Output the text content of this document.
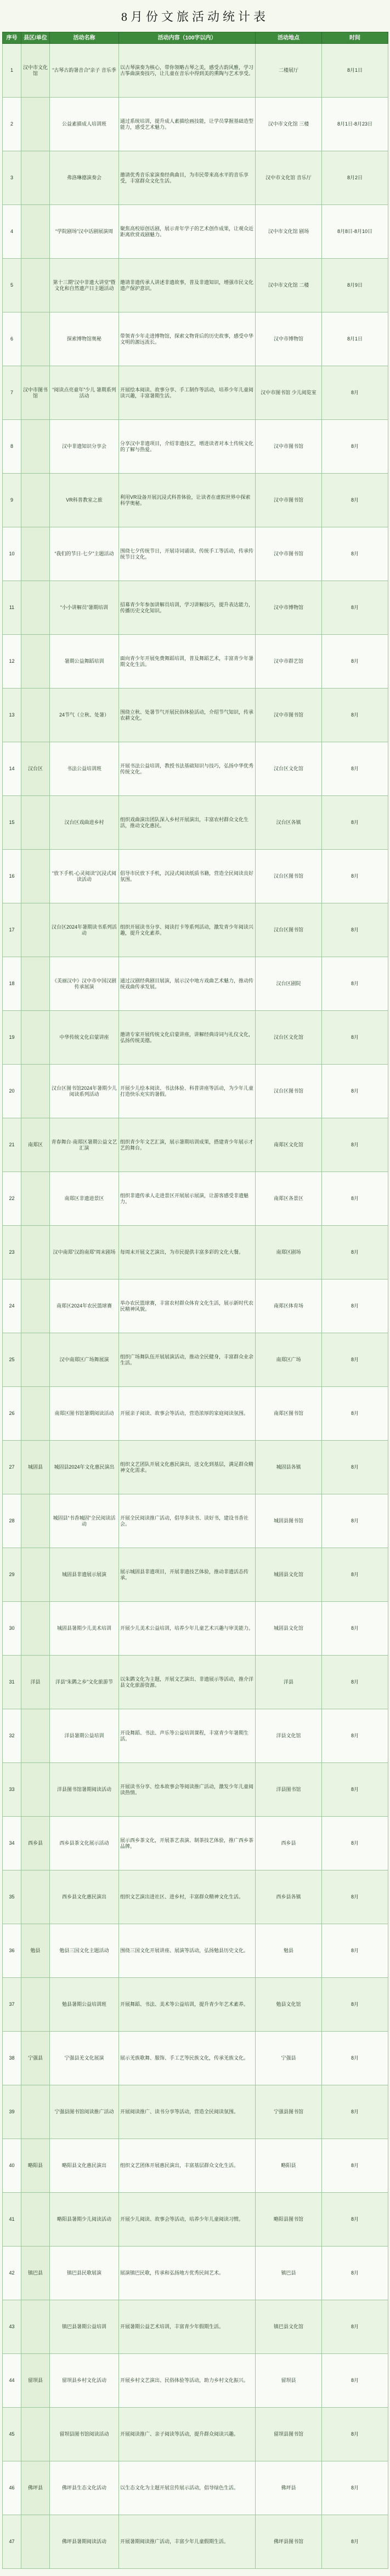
8月份文旅活动统计表
序号	县区/单位	活动名称	活动内容（100字以内）	活动地点	时间
1	汉中市文化馆	“古琴古韵暑音合”亲子 音乐季	以古琴演奏为核心，带你领略古琴之美，感受古韵风雅，学习古筝曲演奏技巧，让儿童在音乐中得到美的熏陶与艺术享受。	二楼展厅	8月1日
2		公益素描成人培训班	通过系统培训，提升成人素描绘画技能，让学员掌握基础造型能力，感受艺术魅力。	汉中市文化馆 三楼	8月1日-8月23日
3		弗洛琳德演奏会	邀请优秀音乐家演奏经典曲目，为市民带来高水平的音乐享受，丰富群众文化生活。	汉中市文化馆 音乐厅	8月2日
4		“学院剧场”汉中话剧展演周	聚焦高校原创话剧，展示青年学子的艺术创作成果，让观众近距离欣赏戏剧魅力。	汉中市文化馆 剧场	8月8日-8月10日
5		第十三期“汉中非遗大讲堂”暨文化和自然遗产日主题活动	邀请非遗传承人讲述非遗故事，普及非遗知识，增强市民文化遗产保护意识。	汉中市文化馆 二楼	8月9日
6		探索博物馆奥秘	带领青少年走进博物馆，探索文物背后的历史故事，感受中华文明的源远流长。	汉中市博物馆	8月1日
7	汉中市图书馆	“阅读点亮童年”少儿 暑期系列活动	开展绘本阅读、故事分享、手工制作等活动，培养少年儿童阅读兴趣，丰富暑期生活。	汉中市图书馆 少儿阅览室	8月
8		汉中非遗知识分享会	分享汉中非遗项目，介绍非遗技艺，增进读者对本土传统文化的了解与热爱。	汉中市图书馆	8月
9		VR科普教室之旅	利用VR设备开展沉浸式科普体验，让读者在虚拟世界中探索科学奥秘。	汉中市图书馆	8月
10		“我们的节日·七夕”主题活动	围绕七夕传统节日，开展诗词诵读、传统手工等活动，传承传统节日文化。	汉中市图书馆	8月
11		“小小讲解员”暑期培训	招募青少年参加讲解员培训，学习讲解技巧，提升表达能力，传播历史文化知识。	汉中市博物馆	8月
12		暑期公益舞蹈培训	面向青少年开展免费舞蹈培训，普及舞蹈艺术，丰富青少年暑期文化生活。	汉中市群艺馆	8月
13		24节气（立秋、处暑）	围绕立秋、处暑节气开展民俗体验活动，介绍节气知识，传承农耕文化。	汉中市图书馆	8月
14	汉台区	书法公益培训班	开展书法公益培训，教授书法基础知识与技巧，弘扬中华优秀传统文化。	汉台区文化馆	8月
15		汉台区戏曲进乡村	组织戏曲演出团队深入乡村开展演出，丰富农村群众文化生活，推动文化惠民。	汉台区各镇	8月
16		“放下手机·心灵阅读”沉浸式阅读活动	倡导市民放下手机，沉浸式阅读纸质书籍，营造全民阅读良好氛围。	汉台区图书馆	8月
17		汉台区2024年暑期读书系列活动	组织开展读书分享、阅读打卡等系列活动，激发青少年阅读兴趣，提升文化素养。	汉台区图书馆	8月
18		《美丽汉中》汉中市中国汉剧传承展演	通过汉剧经典剧目展演，展示汉中地方戏曲艺术魅力，推动传统戏曲传承发展。	汉台区剧院	8月
19		中华传统文化启蒙讲座	邀请专家开展传统文化启蒙讲座，讲解经典诗词与礼仪文化，弘扬传统美德。	汉台区文化馆	8月
20		汉台区图书馆2024年暑期少儿阅读系列活动	开展少儿绘本阅读、书法体验、科普讲座等活动，为少年儿童打造快乐充实的暑假。	汉台区图书馆	8月
21	南郑区	青春舞台·南郑区暑期公益文艺汇演	组织青少年文艺汇演，展示暑期培训成果，搭建青少年展示才艺的舞台。	南郑区文化馆	8月
22		南郑区非遗进景区	组织非遗传承人走进景区开展展示展演，让游客感受非遗魅力。	南郑区各景区	8月
23		汉中南郑“汉韵南郑”周末剧场	每周末开展文艺演出，为市民提供丰富多彩的文化大餐。	南郑区剧场	8月
24		南郑区2024年农民篮球赛	举办农民篮球赛，丰富农村群众体育文化生活，展示新时代农民精神风貌。	南郑区体育场	8月
25		汉中南郑区广场舞展演	组织广场舞队伍开展展演活动，推动全民健身，丰富群众业余生活。	南郑区广场	8月
26		南郑区图书馆暑期阅读活动	开展亲子阅读、故事会等活动，营造浓厚的家庭阅读氛围。	南郑区图书馆	8月
27	城固县	城固县2024年文化惠民演出	组织文艺团队开展文化惠民演出，送文化到基层，满足群众精神文化需求。	城固县各镇	8月
28		城固县“书香城固”全民阅读活动	开展全民阅读推广活动，倡导多读书、读好书，建设书香社会。	城固县图书馆	8月
29		城固县非遗展示展演	展示城固县非遗项目，开展非遗技艺体验，推动非遗活态传承。	城固县文化馆	8月
30		城固县暑期少儿美术培训	开展少儿美术公益培训，培养少年儿童艺术兴趣与审美能力。	城固县文化馆	8月
31	洋县	洋县“朱鹮之乡”文化旅游节	以朱鹮文化为主题，开展文艺演出、非遗展示等活动，推介洋县文化旅游资源。	洋县	8月
32		洋县暑期公益培训	开设舞蹈、书法、声乐等公益培训课程，丰富青少年暑期生活。	洋县文化馆	8月
33		洋县图书馆暑期阅读活动	开展读书分享、绘本故事会等阅读推广活动，激发少年儿童阅读热情。	洋县图书馆	8月
34	西乡县	西乡县茶文化展示活动	展示西乡茶文化，开展茶艺表演、制茶技艺体验，推广西乡茶品牌。	西乡县	8月
35		西乡县文化惠民演出	组织文艺演出进社区、进乡村，丰富群众精神文化生活。	西乡县各镇	8月
36	勉县	勉县三国文化主题活动	围绕三国文化开展讲座、展演等活动，弘扬勉县历史文化。	勉县	8月
37		勉县暑期公益培训班	开展舞蹈、书法、美术等公益培训，提升青少年艺术素养。	勉县文化馆	8月
38	宁强县	宁强县羌文化展演	展示羌族歌舞、服饰、手工艺等民族文化，传承羌族文化。	宁强县	8月
39		宁强县图书馆阅读推广活动	开展阅读推广、读书分享等活动，营造全民阅读氛围。	宁强县图书馆	8月
40	略阳县	略阳县文化惠民演出	组织文艺团体开展惠民演出，丰富基层群众文化生活。	略阳县	8月
41		略阳县暑期少儿阅读活动	开展少儿阅读、故事会等活动，培养少年儿童阅读习惯。	略阳县图书馆	8月
42	镇巴县	镇巴县民歌展演	展演镇巴民歌，传承和弘扬地方优秀民间艺术。	镇巴县	8月
43		镇巴县暑期公益培训	开展暑期公益艺术培训，丰富青少年假期生活。	镇巴县文化馆	8月
44	留坝县	留坝县乡村文化活动	开展乡村文艺演出、民俗体验等活动，助力乡村文化振兴。	留坝县	8月
45		留坝县图书馆阅读活动	开展阅读推广、亲子阅读等活动，提升群众阅读兴趣。	留坝县图书馆	8月
46	佛坪县	佛坪县生态文化活动	以生态文化为主题开展宣传展示活动，倡导绿色生活。	佛坪县	8月
47		佛坪县暑期阅读活动	开展暑期阅读推广活动，丰富少年儿童假期生活。	佛坪县图书馆	8月
